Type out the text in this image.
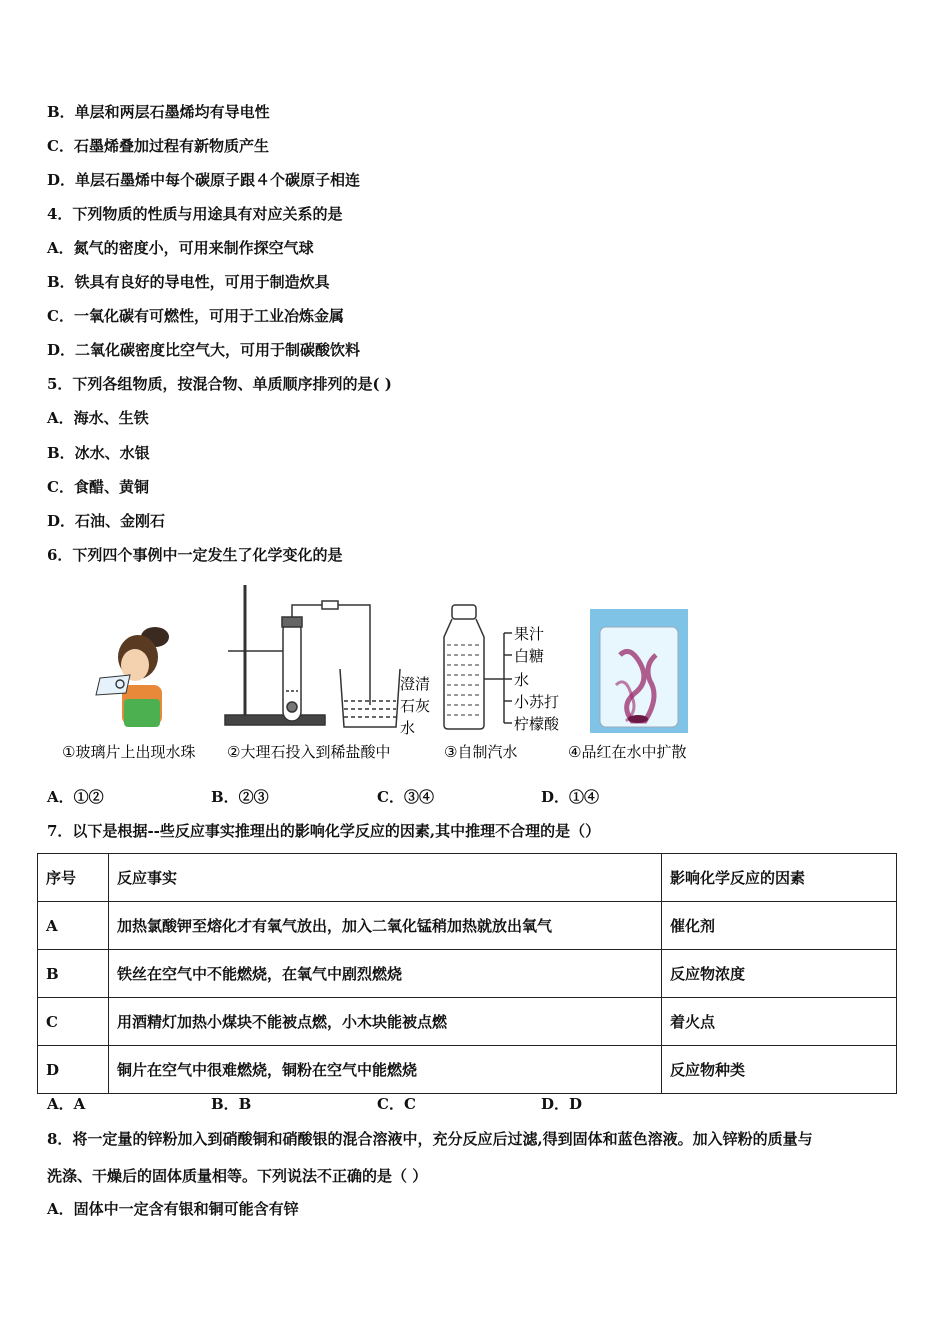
B．单层和两层石墨烯均有导电性
C．石墨烯叠加过程有新物质产生
D．单层石墨烯中每个碳原子跟４个碳原子相连
4．下列物质的性质与用途具有对应关系的是
A．氮气的密度小，可用来制作探空气球
B．铁具有良好的导电性，可用于制造炊具
C．一氧化碳有可燃性，可用于工业冶炼金属
D．二氧化碳密度比空气大，可用于制碳酸饮料
5．下列各组物质，按混合物、单质顺序排列的是( )
A．海水、生铁
B．冰水、水银
C．食醋、黄铜
D．石油、金刚石
6．下列四个事例中一定发生了化学变化的是
澄清
石灰
水
果汁
白糖
水
小苏打
柠檬酸
①玻璃片上出现水珠 ②大理石投入到稀盐酸中	③自制汽水	④品红在水中扩散
A．①②	B．②③	C．③④	D．①④
7．以下是根据--些反应事实推理出的影响化学反应的因素,其中推理不合理的是（）
序号	反应事实	影响化学反应的因素
A	加热氯酸钾至熔化才有氧气放出，加入二氧化锰稍加热就放出氧气	催化剂
B	铁丝在空气中不能燃烧，在氧气中剧烈燃烧	反应物浓度
C	用酒精灯加热小煤块不能被点燃，小木块能被点燃	着火点
D	铜片在空气中很难燃烧，铜粉在空气中能燃烧	反应物种类
A．A	B．B	C．C	D．D
8．将一定量的锌粉加入到硝酸铜和硝酸银的混合溶液中，充分反应后过滤,得到固体和蓝色溶液。加入锌粉的质量与
洗涤、干燥后的固体质量相等。下列说法不正确的是（ ）
A．固体中一定含有银和铜可能含有锌
